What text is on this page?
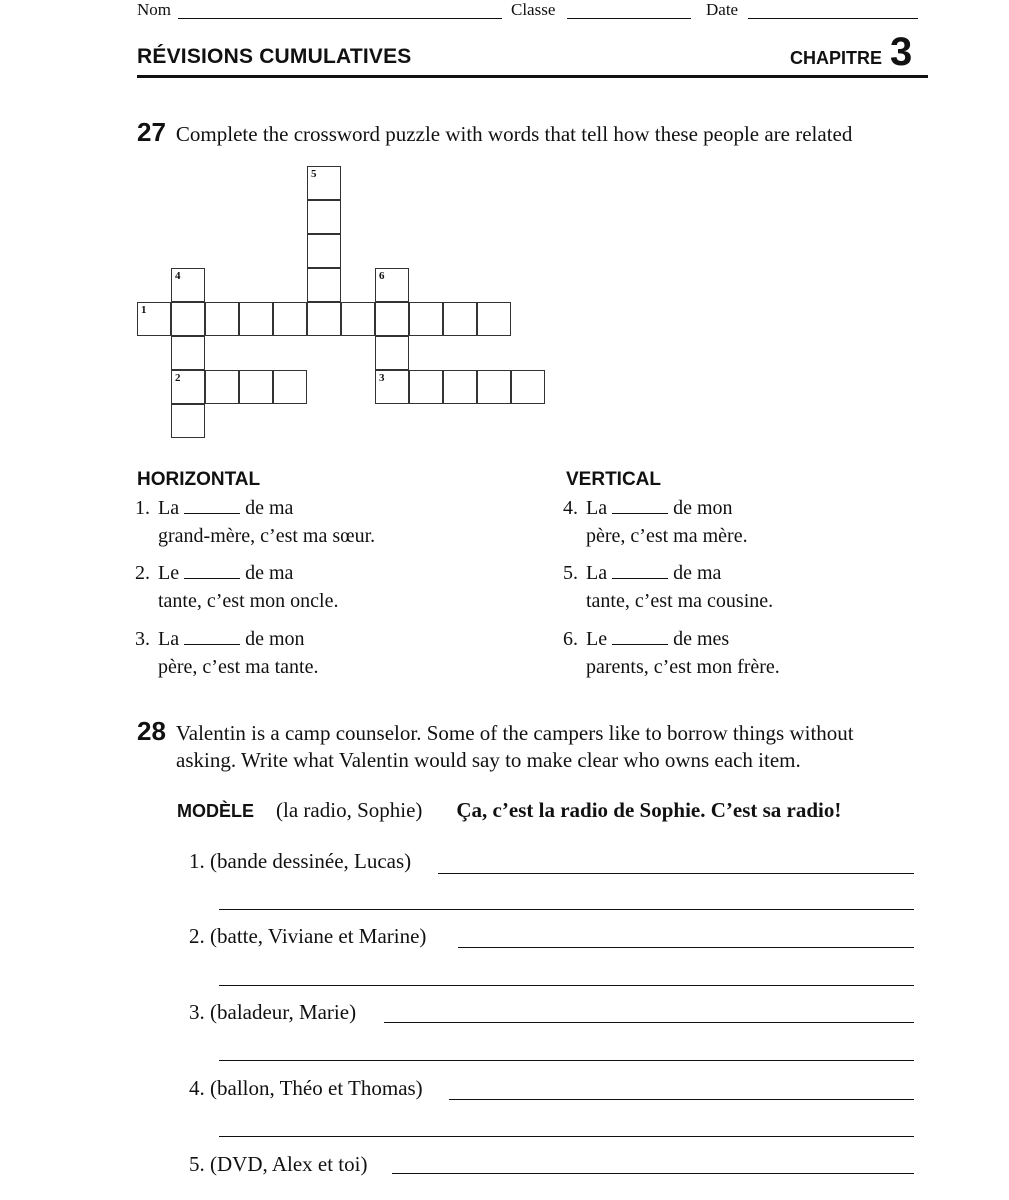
Nom	Classe	Date
RÉVISIONS CUMULATIVES	CHAPITRE 3
27 Complete the crossword puzzle with words that tell how these people are related
5
4	6
1
2	3
HORIZONTAL	VERTICAL
1. La	de ma
grand-mère, c’est ma sœur.
2. Le	de ma
tante, c’est mon oncle.
3. La	de mon
père, c’est ma tante.
4. La	de mon
père, c’est ma mère.
5. La	de ma
tante, c’est ma cousine.
6. Le	de mes
parents, c’est mon frère.
28 Valentin is a camp counselor. Some of the campers like to borrow things without
asking. Write what Valentin would say to make clear who owns each item.
MODÈLE (la radio, Sophie) Ça, c’est la radio de Sophie. C’est sa radio!
1. (bande dessinée, Lucas)
2. (batte, Viviane et Marine)
3. (baladeur, Marie)
4. (ballon, Théo et Thomas)
5. (DVD, Alex et toi)
